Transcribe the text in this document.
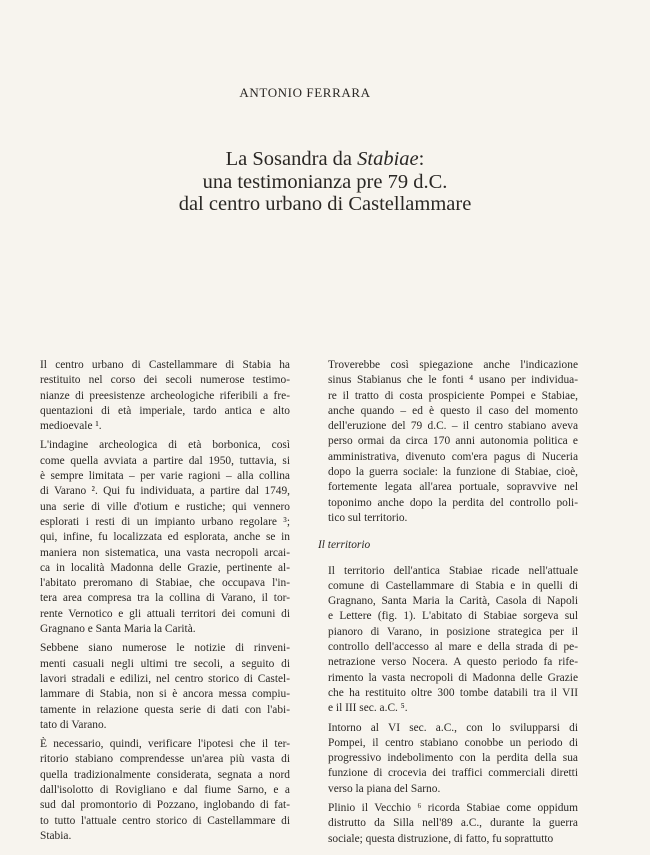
ANTONIO FERRARA
La Sosandra da Stabiae:
una testimonianza pre 79 d.C.
dal centro urbano di Castellammare
Il centro urbano di Castellammare di Stabia ha
restituito nel corso dei secoli numerose testimo-
nianze di preesistenze archeologiche riferibili a fre-
quentazioni di età imperiale, tardo antica e alto
medioevale ¹.
L'indagine archeologica di età borbonica, così
come quella avviata a partire dal 1950, tuttavia, si
è sempre limitata – per varie ragioni – alla collina
di Varano ². Qui fu individuata, a partire dal 1749,
una serie di ville d'otium e rustiche; qui vennero
esplorati i resti di un impianto urbano regolare ³;
qui, infine, fu localizzata ed esplorata, anche se in
maniera non sistematica, una vasta necropoli arcai-
ca in località Madonna delle Grazie, pertinente al-
l'abitato preromano di Stabiae, che occupava l'in-
tera area compresa tra la collina di Varano, il tor-
rente Vernotico e gli attuali territori dei comuni di
Gragnano e Santa Maria la Carità.
Sebbene siano numerose le notizie di rinveni-
menti casuali negli ultimi tre secoli, a seguito di
lavori stradali e edilizi, nel centro storico di Castel-
lammare di Stabia, non si è ancora messa compiu-
tamente in relazione questa serie di dati con l'abi-
tato di Varano.
È necessario, quindi, verificare l'ipotesi che il ter-
ritorio stabiano comprendesse un'area più vasta di
quella tradizionalmente considerata, segnata a nord
dall'isolotto di Rovigliano e dal fiume Sarno, e a
sud dal promontorio di Pozzano, inglobando di fat-
to tutto l'attuale centro storico di Castellammare di
Stabia.
Troverebbe così spiegazione anche l'indicazione
sinus Stabianus che le fonti ⁴ usano per individua-
re il tratto di costa prospiciente Pompei e Stabiae,
anche quando – ed è questo il caso del momento
dell'eruzione del 79 d.C. – il centro stabiano aveva
perso ormai da circa 170 anni autonomia politica e
amministrativa, divenuto com'era pagus di Nuceria
dopo la guerra sociale: la funzione di Stabiae, cioè,
fortemente legata all'area portuale, sopravvive nel
toponimo anche dopo la perdita del controllo poli-
tico sul territorio.
Il territorio
Il territorio dell'antica Stabiae ricade nell'attuale
comune di Castellammare di Stabia e in quelli di
Gragnano, Santa Maria la Carità, Casola di Napoli
e Lettere (fig. 1). L'abitato di Stabiae sorgeva sul
pianoro di Varano, in posizione strategica per il
controllo dell'accesso al mare e della strada di pe-
netrazione verso Nocera. A questo periodo fa rife-
rimento la vasta necropoli di Madonna delle Grazie
che ha restituito oltre 300 tombe databili tra il VII
e il III sec. a.C. ⁵.
Intorno al VI sec. a.C., con lo svilupparsi di
Pompei, il centro stabiano conobbe un periodo di
progressivo indebolimento con la perdita della sua
funzione di crocevia dei traffici commerciali diretti
verso la piana del Sarno.
Plinio il Vecchio ⁶ ricorda Stabiae come oppidum
distrutto da Silla nell'89 a.C., durante la guerra
sociale; questa distruzione, di fatto, fu soprattutto
